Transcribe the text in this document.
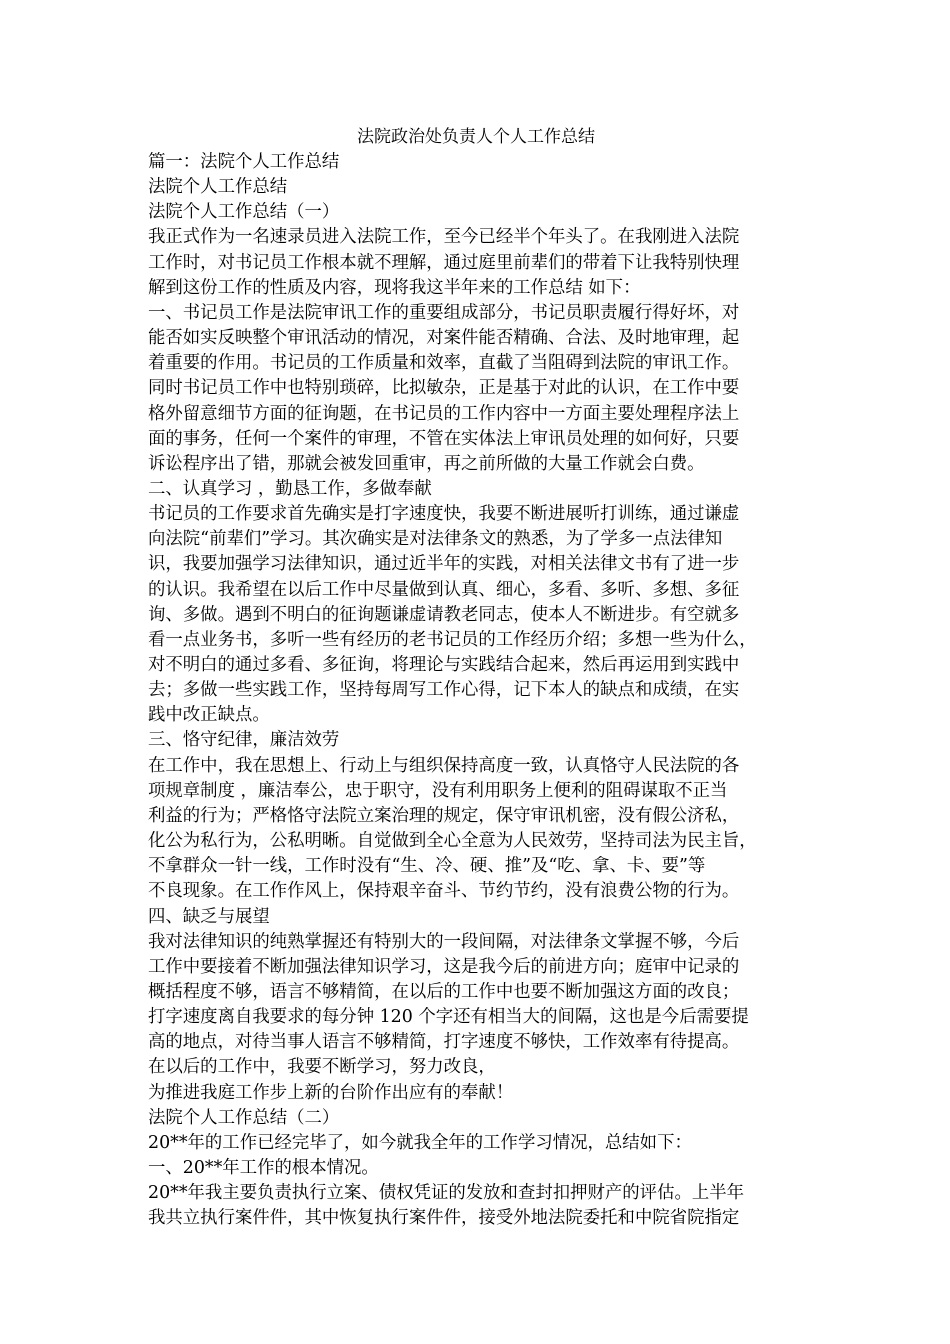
法院政治处负责人个人工作总结
篇一：法院个人工作总结
法院个人工作总结
法院个人工作总结（一）
我正式作为一名速录员进入法院工作，至今已经半个年头了。在我刚进入法院
工作时，对书记员工作根本就不理解，通过庭里前辈们的带着下让我特别快理
解到这份工作的性质及内容，现将我这半年来的工作总结 如下：
一、书记员工作是法院审讯工作的重要组成部分，书记员职责履行得好坏，对
能否如实反映整个审讯活动的情况，对案件能否精确、合法、及时地审理，起
着重要的作用。书记员的工作质量和效率，直截了当阻碍到法院的审讯工作。
同时书记员工作中也特别琐碎，比拟敏杂，正是基于对此的认识，在工作中要
格外留意细节方面的征询题，在书记员的工作内容中一方面主要处理程序法上
面的事务，任何一个案件的审理，不管在实体法上审讯员处理的如何好，只要
诉讼程序出了错，那就会被发回重审，再之前所做的大量工作就会白费。
二、认真学习 ，勤恳工作，多做奉献
书记员的工作要求首先确实是打字速度快，我要不断进展听打训练，通过谦虚
向法院“前辈们”学习。其次确实是对法律条文的熟悉，为了学多一点法律知
识，我要加强学习法律知识，通过近半年的实践，对相关法律文书有了进一步
的认识。我希望在以后工作中尽量做到认真、细心，多看、多听、多想、多征
询、多做。遇到不明白的征询题谦虚请教老同志，使本人不断进步。有空就多
看一点业务书，多听一些有经历的老书记员的工作经历介绍；多想一些为什么，
对不明白的通过多看、多征询，将理论与实践结合起来，然后再运用到实践中
去；多做一些实践工作，坚持每周写工作心得，记下本人的缺点和成绩，在实
践中改正缺点。
三、恪守纪律，廉洁效劳
在工作中，我在思想上、行动上与组织保持高度一致，认真恪守人民法院的各
项规章制度 ，廉洁奉公，忠于职守，没有利用职务上便利的阻碍谋取不正当
利益的行为；严格恪守法院立案治理的规定，保守审讯机密，没有假公济私，
化公为私行为，公私明晰。自觉做到全心全意为人民效劳，坚持司法为民主旨，
不拿群众一针一线，工作时没有“生、冷、硬、推”及“吃、拿、卡、要”等
不良现象。在工作作风上，保持艰辛奋斗、节约节约，没有浪费公物的行为。
四、缺乏与展望
我对法律知识的纯熟掌握还有特别大的一段间隔，对法律条文掌握不够，今后
工作中要接着不断加强法律知识学习，这是我今后的前进方向；庭审中记录的
概括程度不够，语言不够精简，在以后的工作中也要不断加强这方面的改良；
打字速度离自我要求的每分钟 120 个字还有相当大的间隔，这也是今后需要提
高的地点，对待当事人语言不够精简，打字速度不够快，工作效率有待提高。
在以后的工作中，我要不断学习，努力改良，
为推进我庭工作步上新的台阶作出应有的奉献！
法院个人工作总结（二）
20**年的工作已经完毕了，如今就我全年的工作学习情况，总结如下：
一、20**年工作的根本情况。
20**年我主要负责执行立案、债权凭证的发放和查封扣押财产的评估。上半年
我共立执行案件件，其中恢复执行案件件，接受外地法院委托和中院省院指定
